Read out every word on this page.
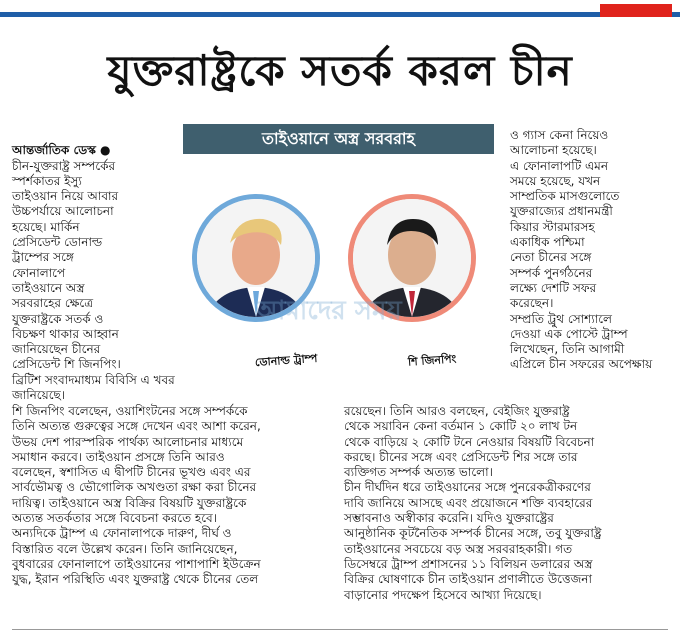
যুক্তরাষ্ট্রকে সতর্ক করল চীন

আন্তর্জাতিক ডেস্ক ●
চীন-যুক্তরাষ্ট্র সম্পর্কের
স্পর্শকাতর ইস্যু
তাইওয়ান নিয়ে আবার
উচ্চপর্যায়ে আলোচনা
হয়েছে। মার্কিন
প্রেসিডেন্ট ডোনাল্ড
ট্রাম্পের সঙ্গে
ফোনালাপে
তাইওয়ানে অস্ত্র
সরবরাহের ক্ষেত্রে
যুক্তরাষ্ট্রকে সতর্ক ও
বিচক্ষণ থাকার আহ্বান
জানিয়েছেন চীনের
প্রেসিডেন্ট শি জিনপিং।
ব্রিটিশ সংবাদমাধ্যম বিবিসি এ খবর
জানিয়েছে।

তাইওয়ানে অস্ত্র সরবরাহ
ডোনাল্ড ট্রাম্প	শি জিনপিং
আমাদের সময়
শি জিনপিং বলেছেন, ওয়াশিংটনের সঙ্গে সম্পর্ককে
তিনি অত্যন্ত গুরুত্বের সঙ্গে দেখেন এবং আশা করেন,
উভয় দেশ পারস্পরিক পার্থক্য আলোচনার মাধ্যমে
সমাধান করবে। তাইওয়ান প্রসঙ্গে তিনি আরও
বলেছেন, স্বশাসিত এ দ্বীপটি চীনের ভূখণ্ড এবং এর
সার্বভৌমত্ব ও ভৌগোলিক অখণ্ডতা রক্ষা করা চীনের
দায়িত্ব। তাইওয়ানে অস্ত্র বিক্রির বিষয়টি যুক্তরাষ্ট্রকে
অত্যন্ত সতর্কতার সঙ্গে বিবেচনা করতে হবে।
অন্যদিকে ট্রাম্প এ ফোনালাপকে দারুণ, দীর্ঘ ও
বিস্তারিত বলে উল্লেখ করেন। তিনি জানিয়েছেন,
বুধবারের ফোনালাপে তাইওয়ানের পাশাপাশি ইউক্রেন
যুদ্ধ, ইরান পরিস্থিতি এবং যুক্তরাষ্ট্র থেকে চীনের তেল
ও গ্যাস কেনা নিয়েও
আলোচনা হয়েছে।
এ ফোনালাপটি এমন
সময়ে হয়েছে, যখন
সাম্প্রতিক মাসগুলোতে
যুক্তরাজ্যের প্রধানমন্ত্রী
কিয়ার স্টারমারসহ
একাধিক পশ্চিমা
নেতা চীনের সঙ্গে
সম্পর্ক পুনর্গঠনের
লক্ষ্যে দেশটি সফর
করেছেন।
সম্প্রতি ট্রুথ সোশ্যালে
দেওয়া এক পোস্টে ট্রাম্প
লিখেছেন, তিনি আগামী
এপ্রিলে চীন সফরের অপেক্ষায়
রয়েছেন। তিনি আরও বলছেন, বেইজিং যুক্তরাষ্ট্র
থেকে সয়াবিন কেনা বর্তমান ১ কোটি ২০ লাখ টন
থেকে বাড়িয়ে ২ কোটি টনে নেওয়ার বিষয়টি বিবেচনা
করছে। চীনের সঙ্গে এবং প্রেসিডেন্ট শির সঙ্গে তার
ব্যক্তিগত সম্পর্ক অত্যন্ত ভালো।
চীন দীর্ঘদিন ধরে তাইওয়ানের সঙ্গে পুনরেকত্রীকরণের
দাবি জানিয়ে আসছে এবং প্রয়োজনে শক্তি ব্যবহারের
সম্ভাবনাও অস্বীকার করেনি। যদিও যুক্তরাষ্ট্রের
আনুষ্ঠানিক কূটনৈতিক সম্পর্ক চীনের সঙ্গে, তবু যুক্তরাষ্ট্র
তাইওয়ানের সবচেয়ে বড় অস্ত্র সরবরাহকারী। গত
ডিসেম্বরে ট্রাম্প প্রশাসনের ১১ বিলিয়ন ডলারের অস্ত্র
বিক্রির ঘোষণাকে চীন তাইওয়ান প্রণালীতে উত্তেজনা
বাড়ানোর পদক্ষেপ হিসেবে আখ্যা দিয়েছে।
